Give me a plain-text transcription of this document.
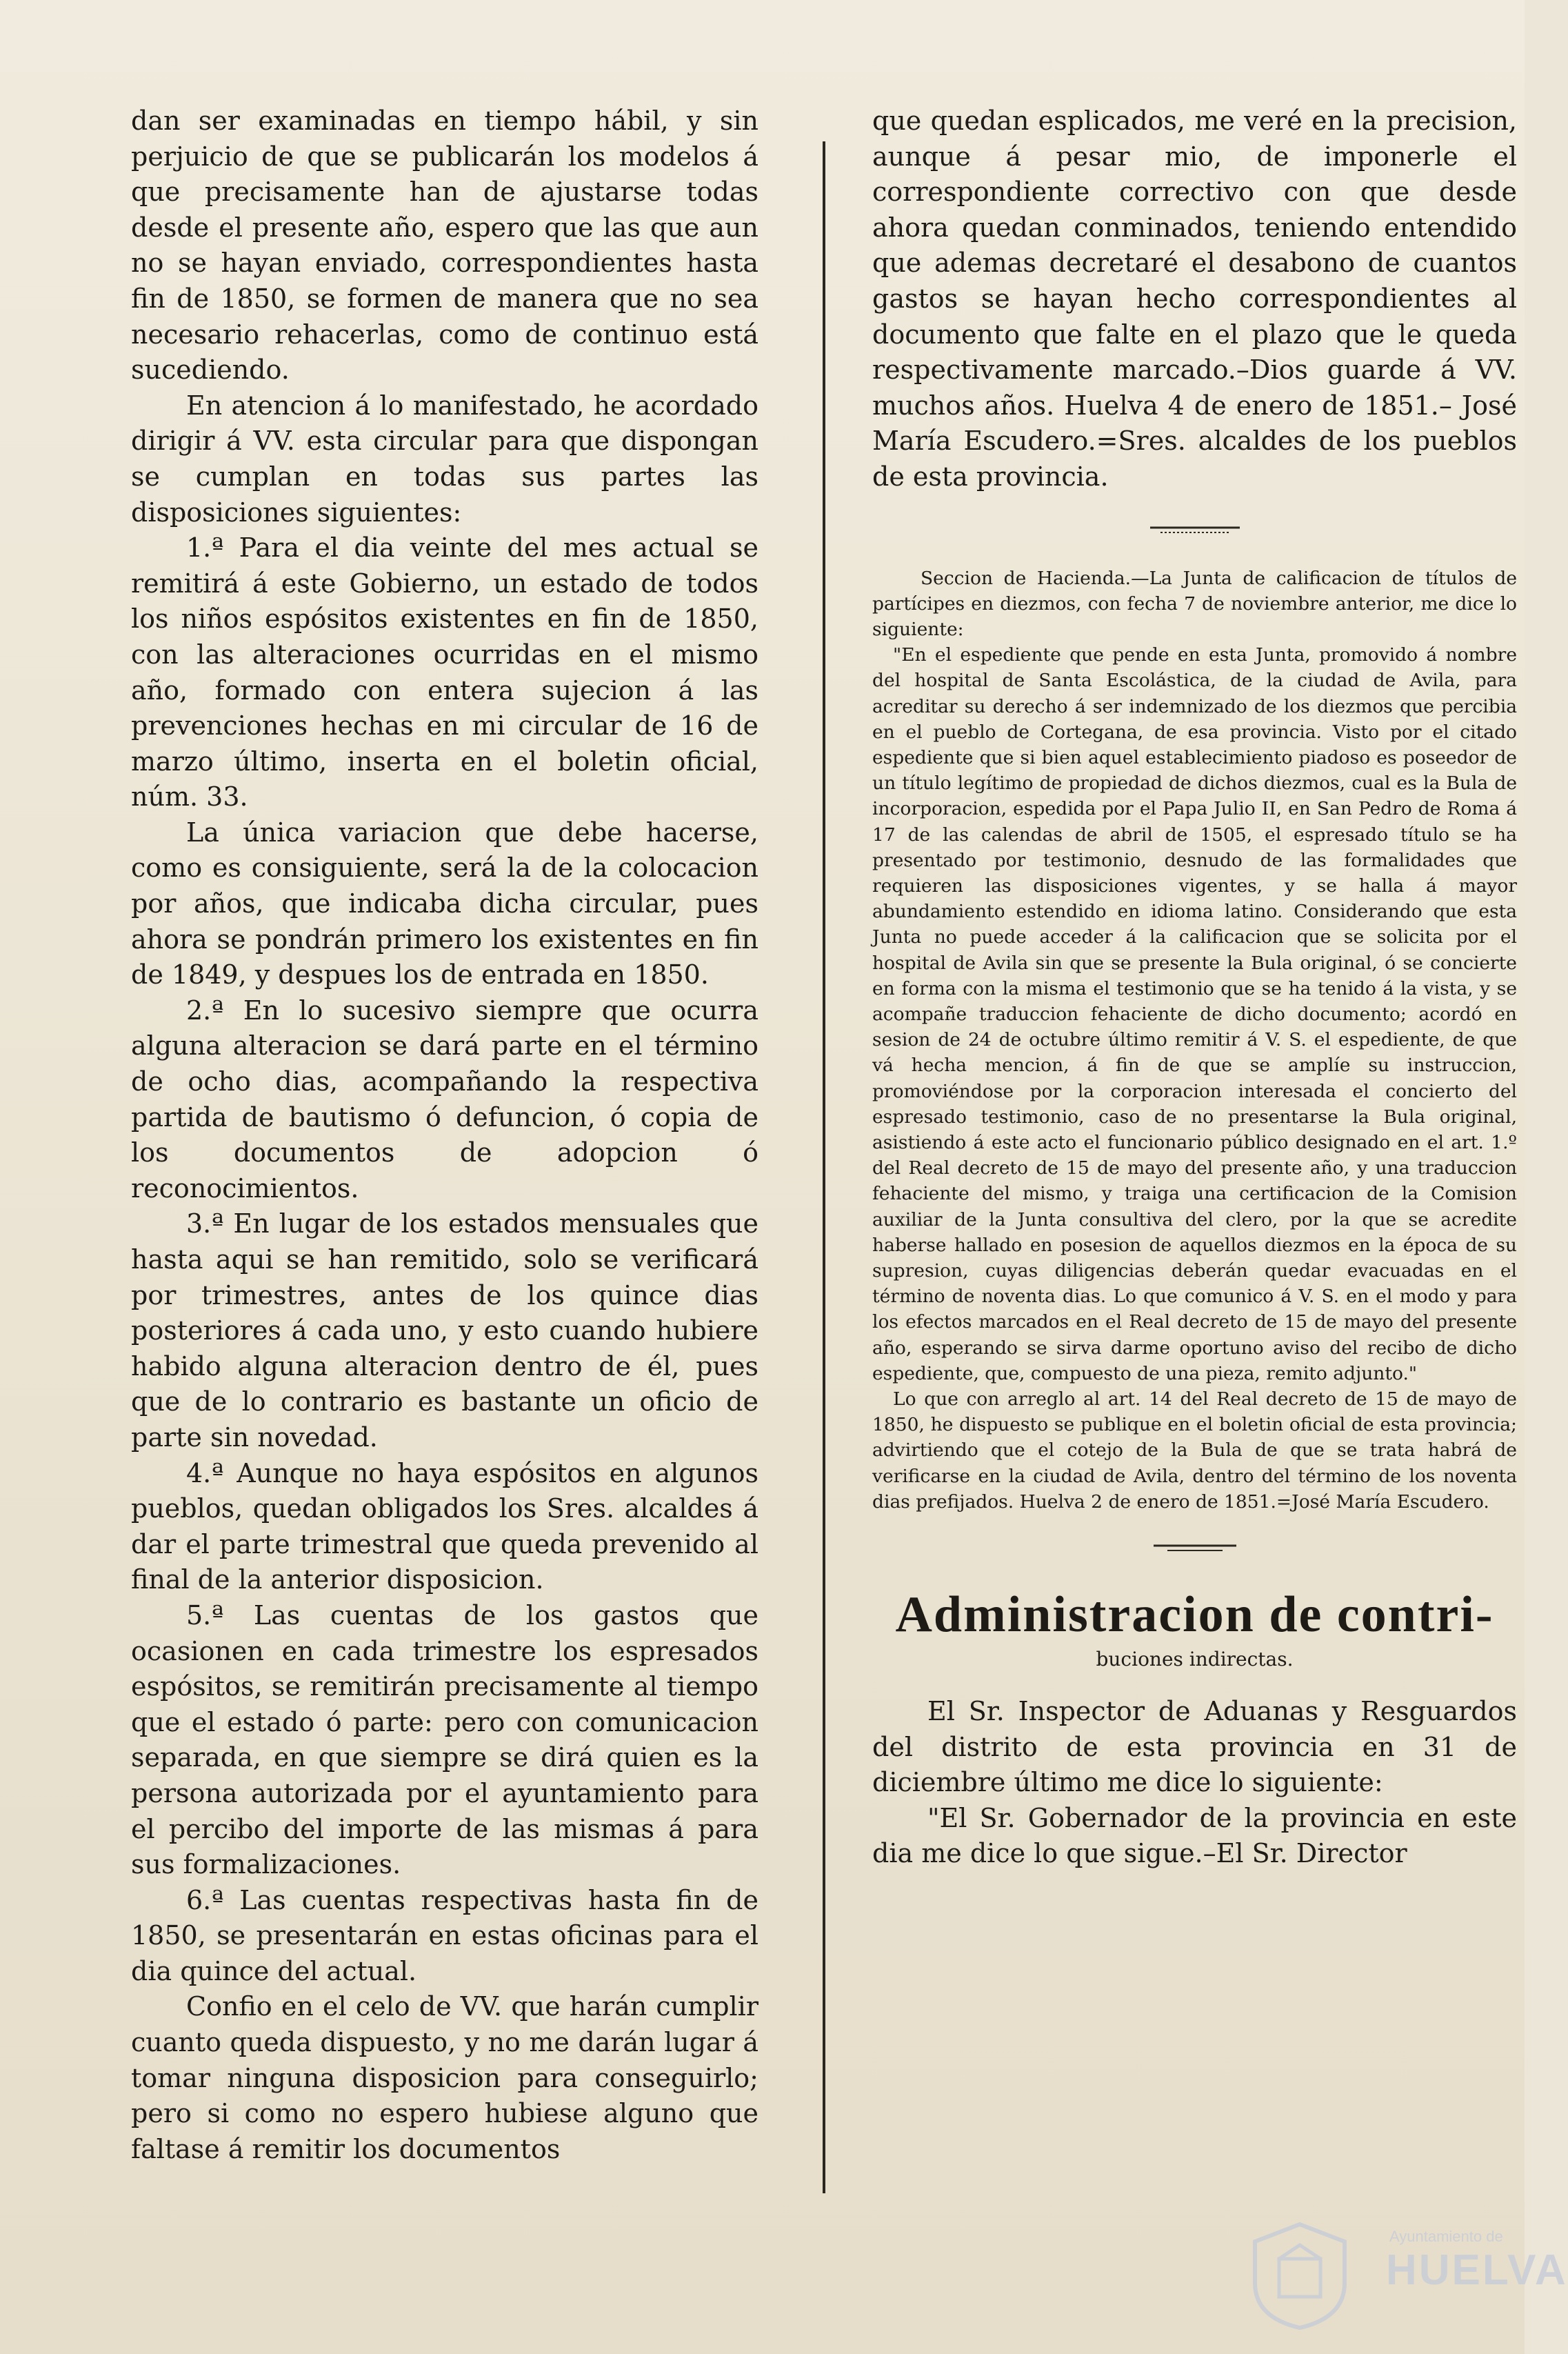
dan ser examinadas en tiempo hábil, y sin perjuicio de que se publicarán los modelos á que precisamente han de ajustarse todas desde el presente año, espero que las que aun no se hayan enviado, correspondientes hasta fin de 1850, se formen de manera que no sea necesario rehacerlas, como de continuo está sucediendo.

En atencion á lo manifestado, he acordado dirigir á VV. esta circular para que dispongan se cumplan en todas sus partes las disposiciones siguientes:

1.ª Para el dia veinte del mes actual se remitirá á este Gobierno, un estado de todos los niños espósitos existentes en fin de 1850, con las alteraciones ocurridas en el mismo año, formado con entera sujecion á las prevenciones hechas en mi circular de 16 de marzo último, inserta en el boletin oficial, núm. 33.

La única variacion que debe hacerse, como es consiguiente, será la de la colocacion por años, que indicaba dicha circular, pues ahora se pondrán primero los existentes en fin de 1849, y despues los de entrada en 1850.

2.ª En lo sucesivo siempre que ocurra alguna alteracion se dará parte en el término de ocho dias, acompañando la respectiva partida de bautismo ó defuncion, ó copia de los documentos de adopcion ó reconocimientos.

3.ª En lugar de los estados mensuales que hasta aqui se han remitido, solo se verificará por trimestres, antes de los quince dias posteriores á cada uno, y esto cuando hubiere habido alguna alteracion dentro de él, pues que de lo contrario es bastante un oficio de parte sin novedad.

4.ª Aunque no haya espósitos en algunos pueblos, quedan obligados los Sres. alcaldes á dar el parte trimestral que queda prevenido al final de la anterior disposicion.

5.ª Las cuentas de los gastos que ocasionen en cada trimestre los espresados espósitos, se remitirán precisamente al tiempo que el estado ó parte: pero con comunicacion separada, en que siempre se dirá quien es la persona autorizada por el ayuntamiento para el percibo del importe de las mismas á para sus formalizaciones.

6.ª Las cuentas respectivas hasta fin de 1850, se presentarán en estas oficinas para el dia quince del actual.

Confio en el celo de VV. que harán cumplir cuanto queda dispuesto, y no me darán lugar á tomar ninguna disposicion para conseguirlo; pero si como no espero hubiese alguno que faltase á remitir los documentos

que quedan esplicados, me veré en la precision, aunque á pesar mio, de imponerle el correspondiente correctivo con que desde ahora quedan conminados, teniendo entendido que ademas decretaré el desabono de cuantos gastos se hayan hecho correspondientes al documento que falte en el plazo que le queda respectivamente marcado.–Dios guarde á VV. muchos años. Huelva 4 de enero de 1851.– José María Escudero.=Sres. alcaldes de los pueblos de esta provincia.

Seccion de Hacienda.—La Junta de calificacion de títulos de partícipes en diezmos, con fecha 7 de noviembre anterior, me dice lo siguiente:

"En el espediente que pende en esta Junta, promovido á nombre del hospital de Santa Escolástica, de la ciudad de Avila, para acreditar su derecho á ser indemnizado de los diezmos que percibia en el pueblo de Cortegana, de esa provincia. Visto por el citado espediente que si bien aquel establecimiento piadoso es poseedor de un título legítimo de propiedad de dichos diezmos, cual es la Bula de incorporacion, espedida por el Papa Julio II, en San Pedro de Roma á 17 de las calendas de abril de 1505, el espresado título se ha presentado por testimonio, desnudo de las formalidades que requieren las disposiciones vigentes, y se halla á mayor abundamiento estendido en idioma latino. Considerando que esta Junta no puede acceder á la calificacion que se solicita por el hospital de Avila sin que se presente la Bula original, ó se concierte en forma con la misma el testimonio que se ha tenido á la vista, y se acompañe traduccion fehaciente de dicho documento; acordó en sesion de 24 de octubre último remitir á V. S. el espediente, de que vá hecha mencion, á fin de que se amplíe su instruccion, promoviéndose por la corporacion interesada el concierto del espresado testimonio, caso de no presentarse la Bula original, asistiendo á este acto el funcionario público designado en el art. 1.º del Real decreto de 15 de mayo del presente año, y una traduccion fehaciente del mismo, y traiga una certificacion de la Comision auxiliar de la Junta consultiva del clero, por la que se acredite haberse hallado en posesion de aquellos diezmos en la época de su supresion, cuyas diligencias deberán quedar evacuadas en el término de noventa dias. Lo que comunico á V. S. en el modo y para los efectos marcados en el Real decreto de 15 de mayo del presente año, esperando se sirva darme oportuno aviso del recibo de dicho espediente, que, compuesto de una pieza, remito adjunto."

Lo que con arreglo al art. 14 del Real decreto de 15 de mayo de 1850, he dispuesto se publique en el boletin oficial de esta provincia; advirtiendo que el cotejo de la Bula de que se trata habrá de verificarse en la ciudad de Avila, dentro del término de los noventa dias prefijados. Huelva 2 de enero de 1851.=José María Escudero.

Administracion de contri-

buciones indirectas.

El Sr. Inspector de Aduanas y Resguardos del distrito de esta provincia en 31 de diciembre último me dice lo siguiente:

"El Sr. Gobernador de la provincia en este dia me dice lo que sigue.–El Sr. Director

Ayuntamiento de
HUELVA
